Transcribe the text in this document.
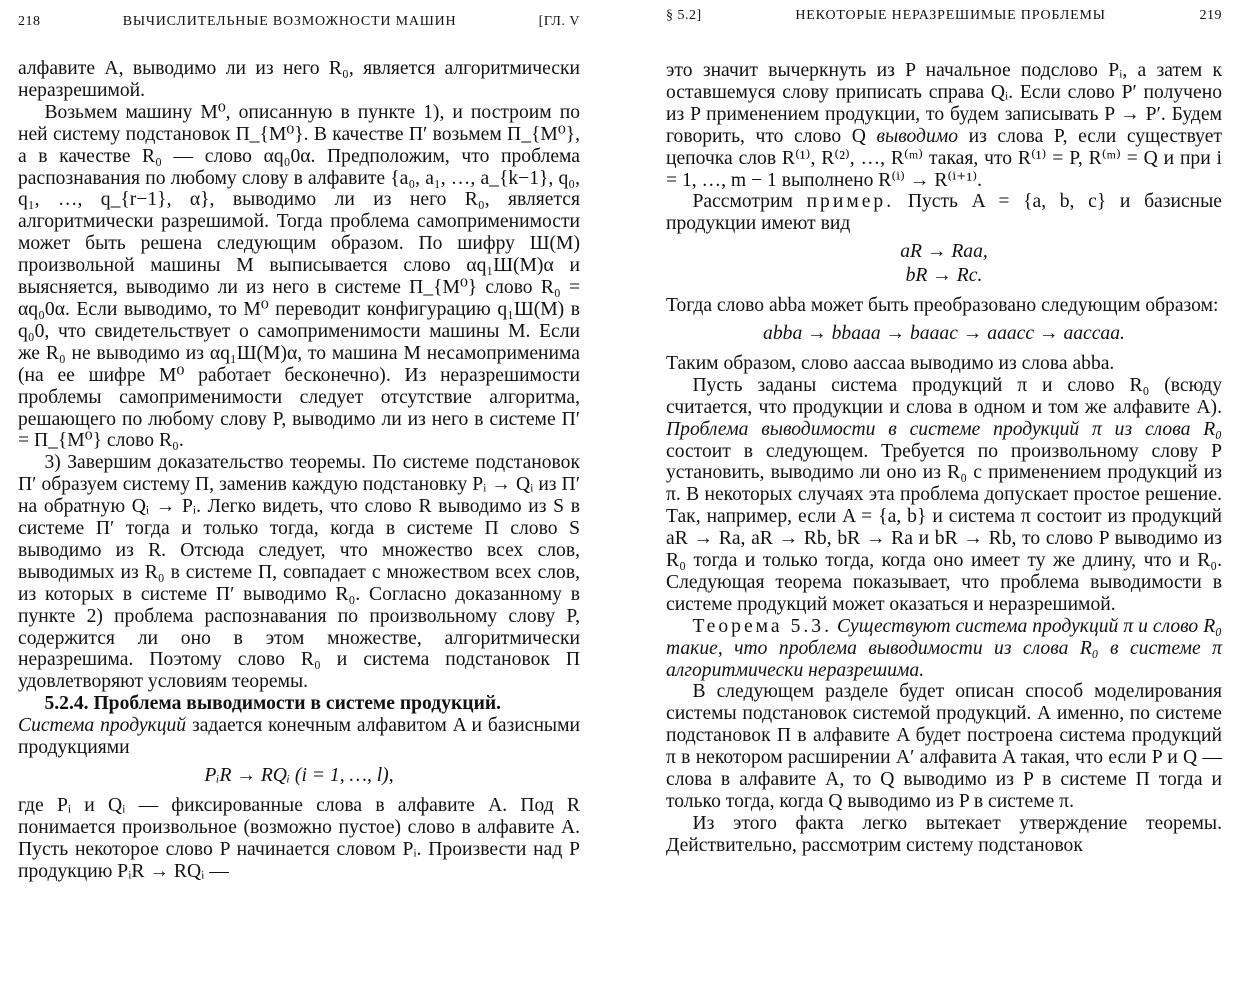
218	ВЫЧИСЛИТЕЛЬНЫЕ ВОЗМОЖНОСТИ МАШИН	[ГЛ. V

алфавите A, выводимо ли из него R₀, является алгоритмически неразрешимой.

Возьмем машину M⁰, описанную в пункте 1), и построим по ней систему подстановок П_{M⁰}. В качестве П′ возьмем П_{M⁰}, а в качестве R₀ — слово αq₀0α. Предположим, что проблема распознавания по любому слову в алфавите {a₀, a₁, …, a_{k−1}, q₀, q₁, …, q_{r−1}, α}, выводимо ли из него R₀, является алгоритмически разрешимой. Тогда проблема самоприменимости может быть решена следующим образом. По шифру Ш(M) произвольной машины M выписывается слово αq₁Ш(M)α и выясняется, выводимо ли из него в системе П_{M⁰} слово R₀ = αq₀0α. Если выводимо, то M⁰ переводит конфигурацию q₁Ш(M) в q₀0, что свидетельствует о самоприменимости машины M. Если же R₀ не выводимо из αq₁Ш(M)α, то машина M несамоприменима (на ее шифре M⁰ работает бесконечно). Из неразрешимости проблемы самоприменимости следует отсутствие алгоритма, решающего по любому слову P, выводимо ли из него в системе П′ = П_{M⁰} слово R₀.

3) Завершим доказательство теоремы. По системе подстановок П′ образуем систему П, заменив каждую подстановку Pᵢ → Qᵢ из П′ на обратную Qᵢ → Pᵢ. Легко видеть, что слово R выводимо из S в системе П′ тогда и только тогда, когда в системе П слово S выводимо из R. Отсюда следует, что множество всех слов, выводимых из R₀ в системе П, совпадает с множеством всех слов, из которых в системе П′ выводимо R₀. Согласно доказанному в пункте 2) проблема распознавания по произвольному слову P, содержится ли оно в этом множестве, алгоритмически неразрешима. Поэтому слово R₀ и система подстановок П удовлетворяют условиям теоремы.

5.2.4. Проблема выводимости в системе продукций.
Система продукций задается конечным алфавитом A и базисными продукциями

PᵢR → RQᵢ (i = 1, …, l),

где Pᵢ и Qᵢ — фиксированные слова в алфавите A. Под R понимается произвольное (возможно пустое) слово в алфавите A. Пусть некоторое слово P начинается словом Pᵢ. Произвести над P продукцию PᵢR → RQᵢ —

§ 5.2]	НЕКОТОРЫЕ НЕРАЗРЕШИМЫЕ ПРОБЛЕМЫ	219

это значит вычеркнуть из P начальное подслово Pᵢ, а затем к оставшемуся слову приписать справа Qᵢ. Если слово P′ получено из P применением продукции, то будем записывать P → P′. Будем говорить, что слово Q выводимо из слова P, если существует цепочка слов R⁽¹⁾, R⁽²⁾, …, R⁽ᵐ⁾ такая, что R⁽¹⁾ = P, R⁽ᵐ⁾ = Q и при i = 1, …, m − 1 выполнено R⁽ⁱ⁾ → R⁽ⁱ⁺¹⁾.

Рассмотрим пример. Пусть A = {a, b, c} и базисные продукции имеют вид

aR → Raa,
bR → Rc.

Тогда слово abba может быть преобразовано следующим образом:

abba → bbaaa → baaac → aaacc → aaccaa.

Таким образом, слово aaccaa выводимо из слова abba.

Пусть заданы система продукций π и слово R₀ (всюду считается, что продукции и слова в одном и том же алфавите A). Проблема выводимости в системе продукций π из слова R₀ состоит в следующем. Требуется по произвольному слову P установить, выводимо ли оно из R₀ с применением продукций из π. В некоторых случаях эта проблема допускает простое решение. Так, например, если A = {a, b} и система π состоит из продукций aR → Ra, aR → Rb, bR → Ra и bR → Rb, то слово P выводимо из R₀ тогда и только тогда, когда оно имеет ту же длину, что и R₀. Следующая теорема показывает, что проблема выводимости в системе продукций может оказаться и неразрешимой.

Теорема 5.3. Существуют система продукций π и слово R₀ такие, что проблема выводимости из слова R₀ в системе π алгоритмически неразрешима.

В следующем разделе будет описан способ моделирования системы подстановок системой продукций. А именно, по системе подстановок П в алфавите A будет построена система продукций π в некотором расширении A′ алфавита A такая, что если P и Q — слова в алфавите A, то Q выводимо из P в системе П тогда и только тогда, когда Q выводимо из P в системе π.

Из этого факта легко вытекает утверждение теоремы. Действительно, рассмотрим систему подстановок
